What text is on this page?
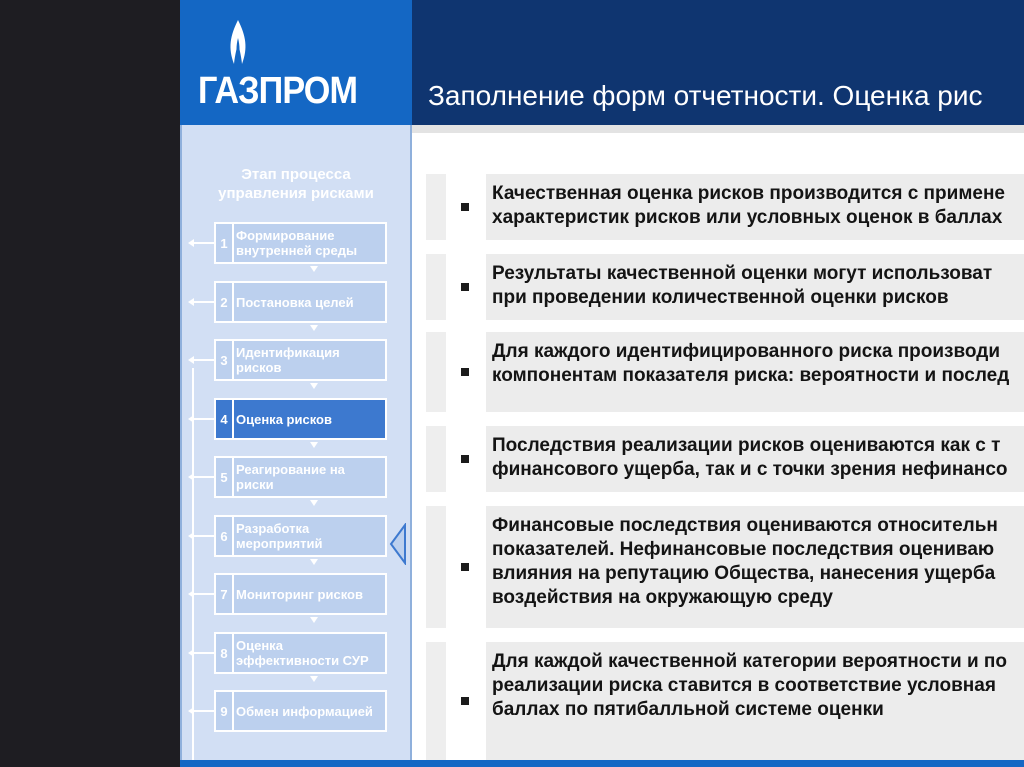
ГАЗПРОМ	Заполнение форм отчетности. Оценка рис
Этап процесса
управления рисками
1 Формирование внутренней среды
2 Постановка целей
3 Идентификация рисков
4 Оценка рисков
5 Реагирование на риски
6 Разработка мероприятий
7 Мониторинг рисков
8 Оценка эффективности СУР
9 Обмен информацией
Качественная оценка рисков производится с примене
характеристик рисков или условных оценок в баллах
Результаты качественной оценки могут использоват
при проведении количественной оценки рисков
Для каждого идентифицированного риска производи
компонентам показателя риска: вероятности и послед
Последствия реализации рисков оцениваются как с т
финансового ущерба, так и с точки зрения нефинансо
Финансовые последствия оцениваются относительн
показателей. Нефинансовые последствия оцениваю
влияния на репутацию Общества, нанесения ущерба
воздействия на окружающую среду
Для каждой качественной категории вероятности и по
реализации риска ставится в соответствие условная
баллах по пятибалльной системе оценки
